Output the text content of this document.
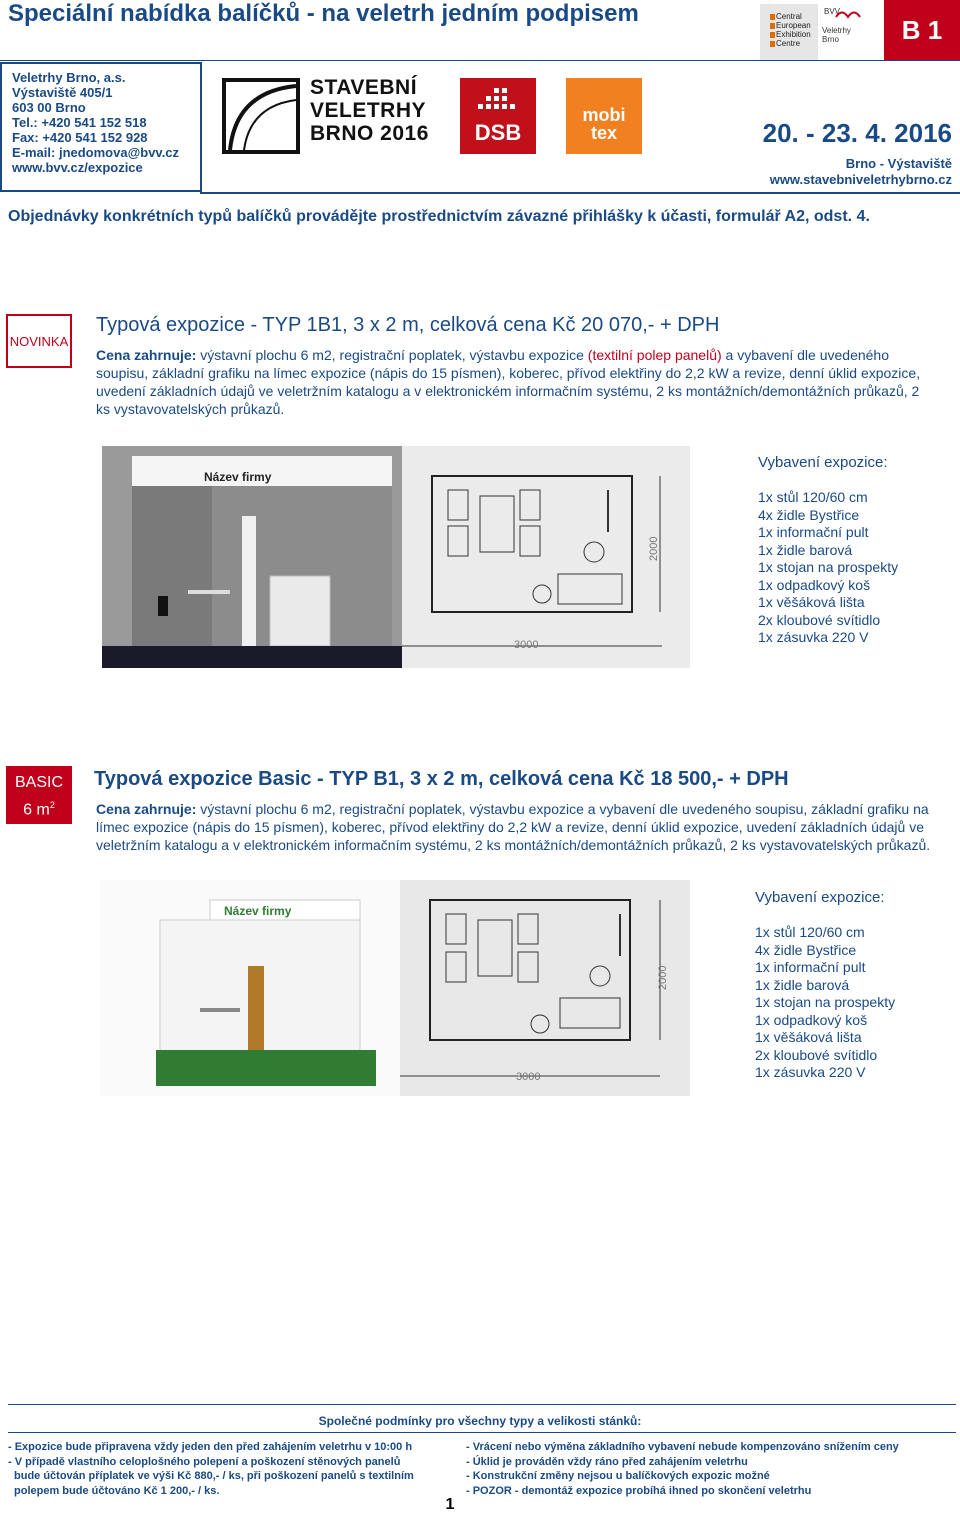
Speciální nabídka balíčků - na veletrh jedním podpisem	Central
European
Exhibition
Centre
BVV
Veletrhy
Brno	B 1
Veletrhy Brno, a.s.
Výstaviště 405/1
603 00 Brno
Tel.: +420 541 152 518
Fax: +420 541 152 928
E-mail: jnedomova@bvv.cz
www.bvv.cz/expozice
STAVEBNÍ
VELETRHY
BRNO 2016 DSB
mobi
tex	20. - 23. 4. 2016
Brno - Výstaviště
www.stavebniveletrhybrno.cz
Objednávky konkrétních typů balíčků provádějte prostřednictvím závazné přihlášky k účasti, formulář A2, odst. 4.
NOVINKA
Typová expozice - TYP 1B1, 3 x 2 m, celková cena Kč 20 070,- + DPH
Cena zahrnuje: výstavní plochu 6 m2, registrační poplatek, výstavbu expozice (textilní polep panelů) a vybavení dle uvedeného soupisu, základní grafiku na límec expozice (nápis do 15 písmen), koberec, přívod elektřiny do 2,2 kW a revize, denní úklid expozice, uvedení základních údajů ve veletržním katalogu a v elektronickém informačním systému, 2 ks montážních/demontážních průkazů, 2 ks vystavovatelských průkazů.
2000
3000
Název firmy
Vybavení expozice:
1x stůl 120/60 cm
4x židle Bystřice
1x informační pult
1x židle barová
1x stojan na prospekty
1x odpadkový koš
1x věšáková lišta
2x kloubové svítidlo
1x zásuvka 220 V
BASIC
6 $m^2$
Typová expozice Basic - TYP B1, 3 x 2 m, celková cena Kč 18 500,- + DPH
Cena zahrnuje: výstavní plochu 6 m2, registrační poplatek, výstavbu expozice a vybavení dle uvedeného soupisu, základní grafiku na límec expozice (nápis do 15 písmen), koberec, přívod elektřiny do 2,2 kW a revize, denní úklid expozice, uvedení základních údajů ve veletržním katalogu a v elektronickém informačním systému, 2 ks montážních/demontážních průkazů, 2 ks vystavovatelských průkazů.
2000
3000
Název firmy
Vybavení expozice:
1x stůl 120/60 cm
4x židle Bystřice
1x informační pult
1x židle barová
1x stojan na prospekty
1x odpadkový koš
1x věšáková lišta
2x kloubové svítidlo
1x zásuvka 220 V
Společné podmínky pro všechny typy a velikosti stánků:
- Expozice bude připravena vždy jeden den před zahájením veletrhu v 10:00 h
- V případě vlastního celoplošného polepení a poškození stěnových panelů
bude účtován příplatek ve výši Kč 880,- / ks, při poškození panelů s textilním
polepem bude účtováno Kč 1 200,- / ks.
- Vrácení nebo výměna základního vybavení nebude kompenzováno snížením ceny
- Úklid je prováděn vždy ráno před zahájením veletrhu
- Konstrukční změny nejsou u balíčkových expozic možné
- POZOR - demontáž expozice probíhá ihned po skončení veletrhu
1
